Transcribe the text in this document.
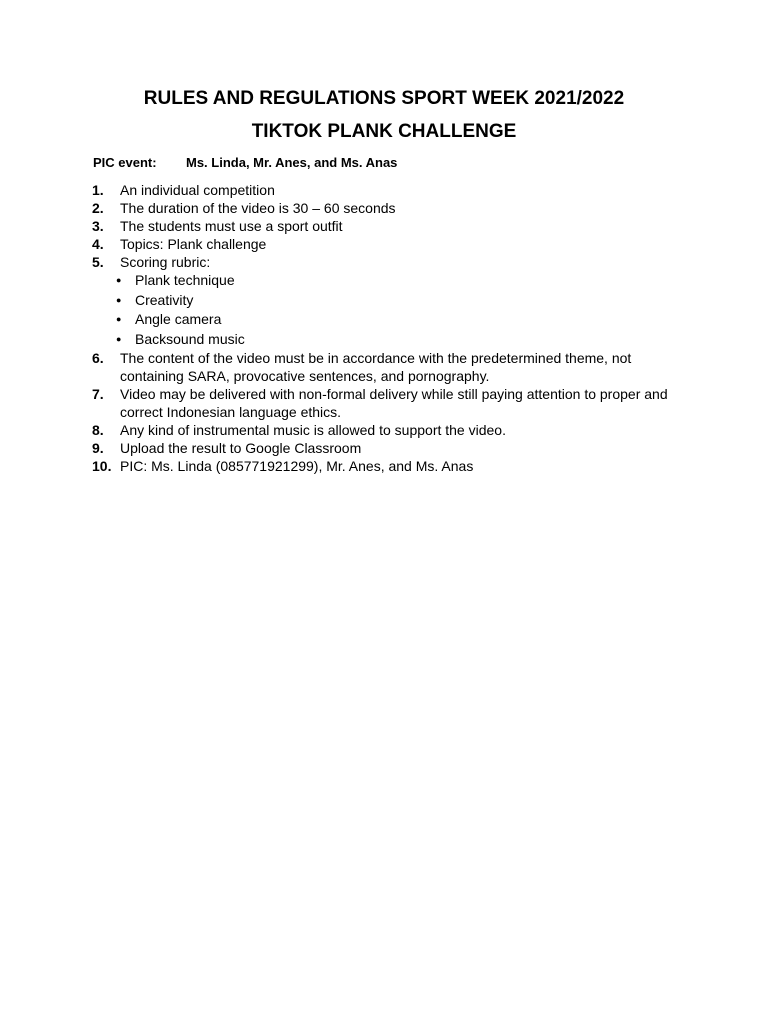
RULES AND REGULATIONS SPORT WEEK 2021/2022
TIKTOK PLANK CHALLENGE
PIC event: Ms. Linda, Mr. Anes, and Ms. Anas
1.	An individual competition
2.	The duration of the video is 30 – 60 seconds
3.	The students must use a sport outfit
4.	Topics: Plank challenge
5.	Scoring rubric:
● Plank technique
● Creativity
● Angle camera
● Backsound music
6.	The content of the video must be in accordance with the predetermined theme, not containing SARA, provocative sentences, and pornography.
7.	Video may be delivered with non-formal delivery while still paying attention to proper and correct Indonesian language ethics.
8.	Any kind of instrumental music is allowed to support the video.
9.	Upload the result to Google Classroom
10. PIC: Ms. Linda (085771921299), Mr. Anes, and Ms. Anas
